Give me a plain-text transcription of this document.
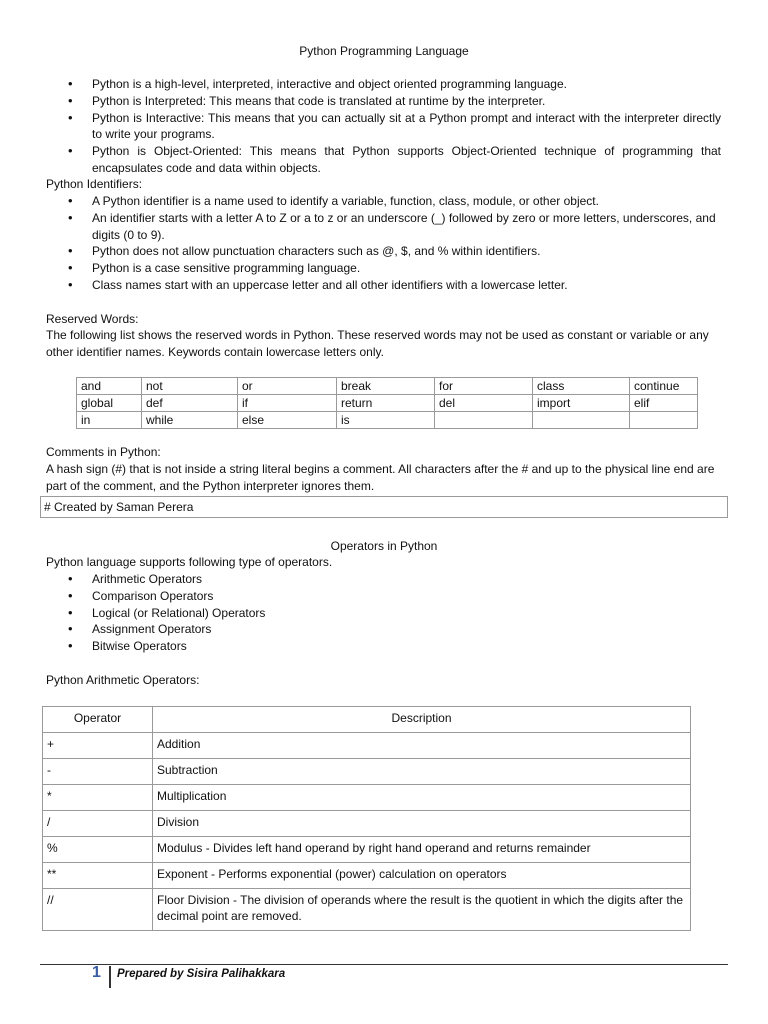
Python Programming Language
• Python is a high-level, interpreted, interactive and object oriented programming language.
• Python is Interpreted: This means that code is translated at runtime by the interpreter.
• Python is Interactive: This means that you can actually sit at a Python prompt and interact with the interpreter directly to write your programs.
• Python is Object-Oriented: This means that Python supports Object-Oriented technique of programming that encapsulates code and data within objects.
Python Identifiers:
• A Python identifier is a name used to identify a variable, function, class, module, or other object.
• An identifier starts with a letter A to Z or a to z or an underscore (_) followed by zero or more letters, underscores, and digits (0 to 9).
• Python does not allow punctuation characters such as @, $, and % within identifiers.
• Python is a case sensitive programming language.
• Class names start with an uppercase letter and all other identifiers with a lowercase letter.
Reserved Words:
The following list shows the reserved words in Python. These reserved words may not be used as constant or variable or any other identifier names. Keywords contain lowercase letters only.
and	not	or	break	for	class	continue
global	def	if	return	del	import	elif
in	while	else	is			
Comments in Python:
A hash sign (#) that is not inside a string literal begins a comment. All characters after the # and up to the physical line end are part of the comment, and the Python interpreter ignores them.
# Created by Saman Perera
Operators in Python
Python language supports following type of operators.
• Arithmetic Operators
• Comparison Operators
• Logical (or Relational) Operators
• Assignment Operators
• Bitwise Operators
Python Arithmetic Operators:
Operator	Description
+	Addition
-	Subtraction
*	Multiplication
/	Division
%	Modulus - Divides left hand operand by right hand operand and returns remainder
**	Exponent - Performs exponential (power) calculation on operators
//	Floor Division - The division of operands where the result is the quotient in which the digits after the decimal point are removed.
1 Prepared by Sisira Palihakkara
